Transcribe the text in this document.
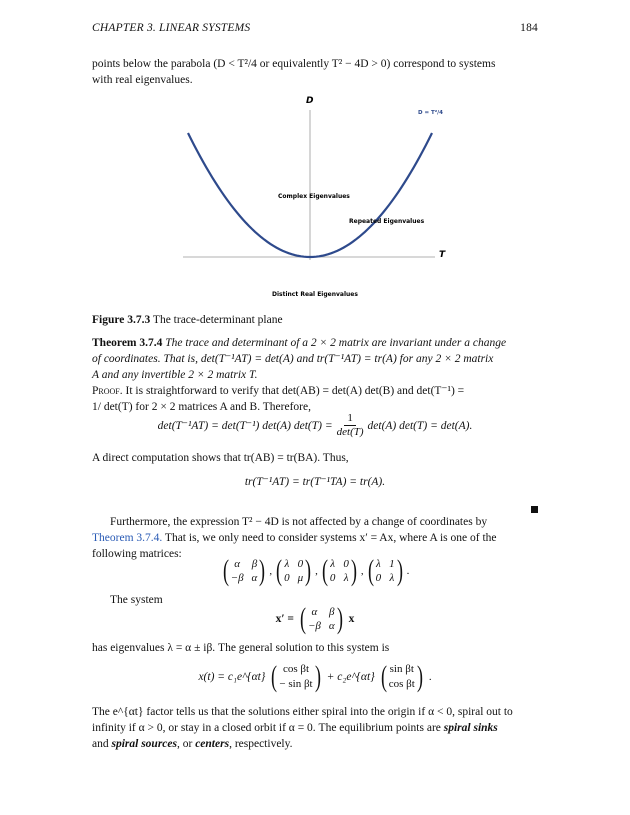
CHAPTER 3. LINEAR SYSTEMS	184

points below the parabola (D < T²/4 or equivalently T² − 4D > 0) correspond to systems

with real eigenvalues.

D
T
D = T²/4
Complex Eigenvalues
Repeated Eigenvalues
Distinct Real Eigenvalues
Figure 3.7.3 The trace-determinant plane

Theorem 3.7.4 The trace and determinant of a 2 × 2 matrix are invariant under a change

of coordinates. That is, det(T⁻¹AT) = det(A) and tr(T⁻¹AT) = tr(A) for any 2 × 2 matrix

A and any invertible 2 × 2 matrix T.

Proof. It is straightforward to verify that det(AB) = det(A) det(B) and det(T⁻¹) =

1/ det(T) for 2 × 2 matrices A and B. Therefore,

det(T⁻¹AT) = det(T⁻¹) det(A) $\det(T) = \frac{1}{\det(T)} \det(A) \det(T) = \det(A)$.

A direct computation shows that tr(AB) = tr(BA). Thus,

tr(T⁻¹AT) = tr(T⁻¹TA) = tr(A).

Furthermore, the expression T² − 4D is not affected by a change of coordinates by

Theorem 3.7.4. That is, we only need to consider systems x′ = Ax, where A is one of the

following matrices:	( α	β
−β α ) , ( λ 0
0 μ ) , ( λ 0
0 λ ) , ( λ 1
0 λ ) .
The system
x′ = ( α	β
−β α ) x
has eigenvalues λ = α ± iβ. The general solution to this system is
x(t) = c₁e^{αt} ( cos βt
− sin βt ) + c₂e^{αt} ( sin βt
cos βt ) .

The e^{αt} factor tells us that the solutions either spiral into the origin if α < 0, spiral out to

infinity if α > 0, or stay in a closed orbit if α = 0. The equilibrium points are spiral sinks

and spiral sources, or centers, respectively.
